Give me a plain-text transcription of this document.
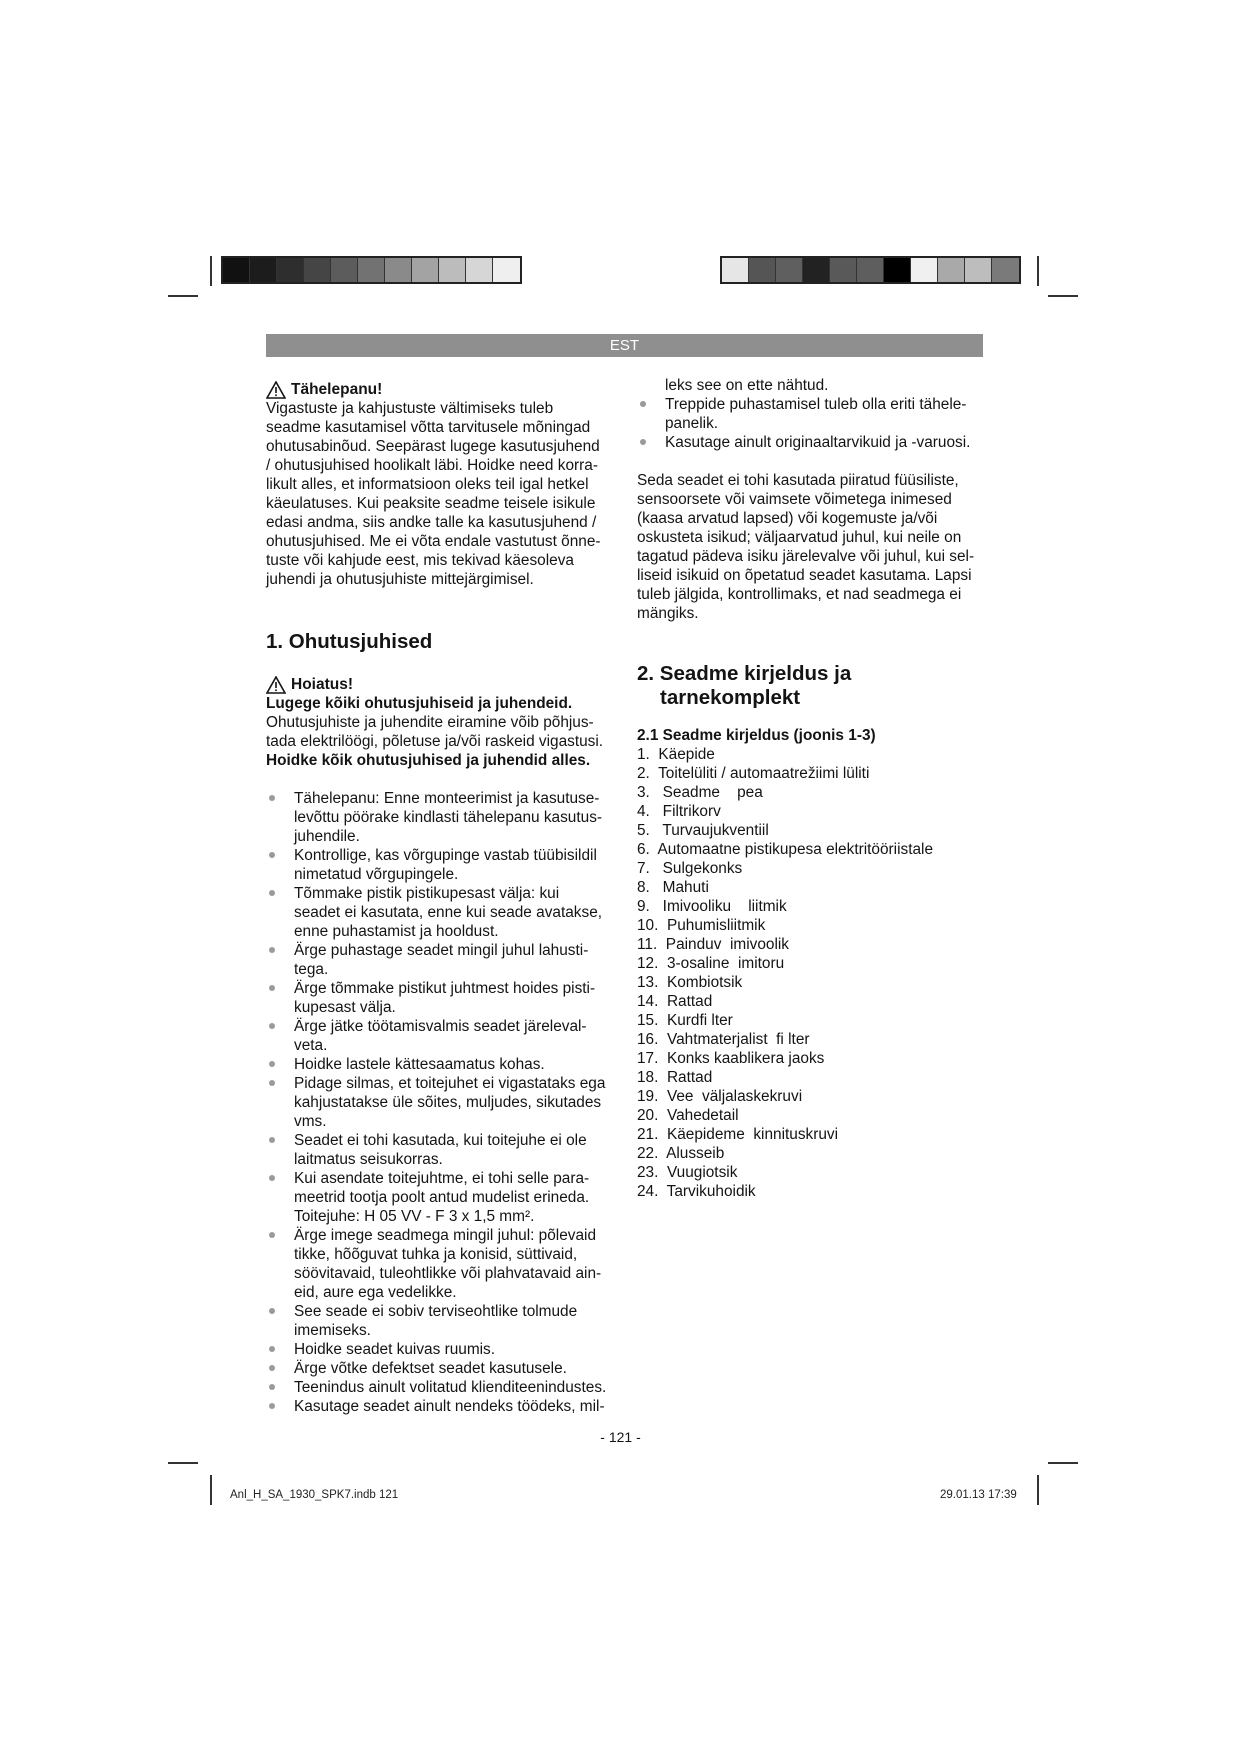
EST
Tähelepanu!

Vigastuste ja kahjustuste vältimiseks tuleb
seadme kasutamisel võtta tarvitusele mõningad
ohutusabinõud. Seepärast lugege kasutusjuhend
/ ohutusjuhised hoolikalt läbi. Hoidke need korra-
likult alles, et informatsioon oleks teil igal hetkel
käeulatuses. Kui peaksite seadme teisele isikule
edasi andma, siis andke talle ka kasutusjuhend /
ohutusjuhised. Me ei võta endale vastutust õnne-
tuste või kahjude eest, mis tekivad käesoleva
juhendi ja ohutusjuhiste mittejärgimisel.

1. Ohutusjuhised
Hoiatus!

Lugege kõiki ohutusjuhiseid ja juhendeid.

Ohutusjuhiste ja juhendite eiramine võib põhjus-
tada elektrilöögi, põletuse ja/või raskeid vigastusi.

Hoidke kõik ohutusjuhised ja juhendid alles.

Tähelepanu: Enne monteerimist ja kasutuse-
levõttu pöörake kindlasti tähelepanu kasutus-
juhendile.
Kontrollige, kas võrgupinge vastab tüübisildil
nimetatud võrgupingele.
Tõmmake pistik pistikupesast välja: kui
seadet ei kasutata, enne kui seade avatakse,
enne puhastamist ja hooldust.
Ärge puhastage seadet mingil juhul lahusti-
tega.
Ärge tõmmake pistikut juhtmest hoides pisti-
kupesast välja.
Ärge jätke töötamisvalmis seadet järeleval-
veta.
Hoidke lastele kättesaamatus kohas.
Pidage silmas, et toitejuhet ei vigastataks ega
kahjustatakse üle sõites, muljudes, sikutades
vms.
Seadet ei tohi kasutada, kui toitejuhe ei ole
laitmatus seisukorras.
Kui asendate toitejuhtme, ei tohi selle para-
meetrid tootja poolt antud mudelist erineda.
Toitejuhe: H 05 VV - F 3 x 1,5 mm².
Ärge imege seadmega mingil juhul: põlevaid
tikke, hõõguvat tuhka ja konisid, süttivaid,
söövitavaid, tuleohtlikke või plahvatavaid ain-
eid, aure ega vedelikke.
See seade ei sobiv terviseohtlike tolmude
imemiseks.
Hoidke seadet kuivas ruumis.
Ärge võtke defektset seadet kasutusele.
Teenindus ainult volitatud klienditeenindustes.
Kasutage seadet ainult nendeks töödeks, mil-

leks see on ette nähtud.

Treppide puhastamisel tuleb olla eriti tähele-
panelik.
Kasutage ainult originaaltarvikuid ja -varuosi.

Seda seadet ei tohi kasutada piiratud füüsiliste,
sensoorsete või vaimsete võimetega inimesed
(kaasa arvatud lapsed) või kogemuste ja/või
oskusteta isikud; väljaarvatud juhul, kui neile on
tagatud pädeva isiku järelevalve või juhul, kui sel-
liseid isikuid on õpetatud seadet kasutama. Lapsi
tuleb jälgida, kontrollimaks, et nad seadmega ei
mängiks.

2. Seadme kirjeldus ja
tarnekomplekt
2.1 Seadme kirjeldus (joonis 1-3)
1.  Käepide
2.  Toitelüliti / automaatrežiimi lüliti
3.   Seadme    pea
4.   Filtrikorv
5.   Turvaujukventiil
6.  Automaatne pistikupesa elektritööriistale
7.   Sulgekonks
8.   Mahuti
9.   Imivooliku    liitmik
10.  Puhumisliitmik
11.  Painduv  imivoolik
12.  3-osaline  imitoru
13.  Kombiotsik
14.  Rattad
15.  Kurdfi lter
16.  Vahtmaterjalist  fi lter
17.  Konks kaablikera jaoks
18.  Rattad
19.  Vee  väljalaskekruvi
20.  Vahedetail
21.  Käepideme  kinnituskruvi
22.  Alusseib
23.  Vuugiotsik
24.  Tarvikuhoidik
- 121 -
Anl_H_SA_1930_SPK7.indb 121	29.01.13 17:39
